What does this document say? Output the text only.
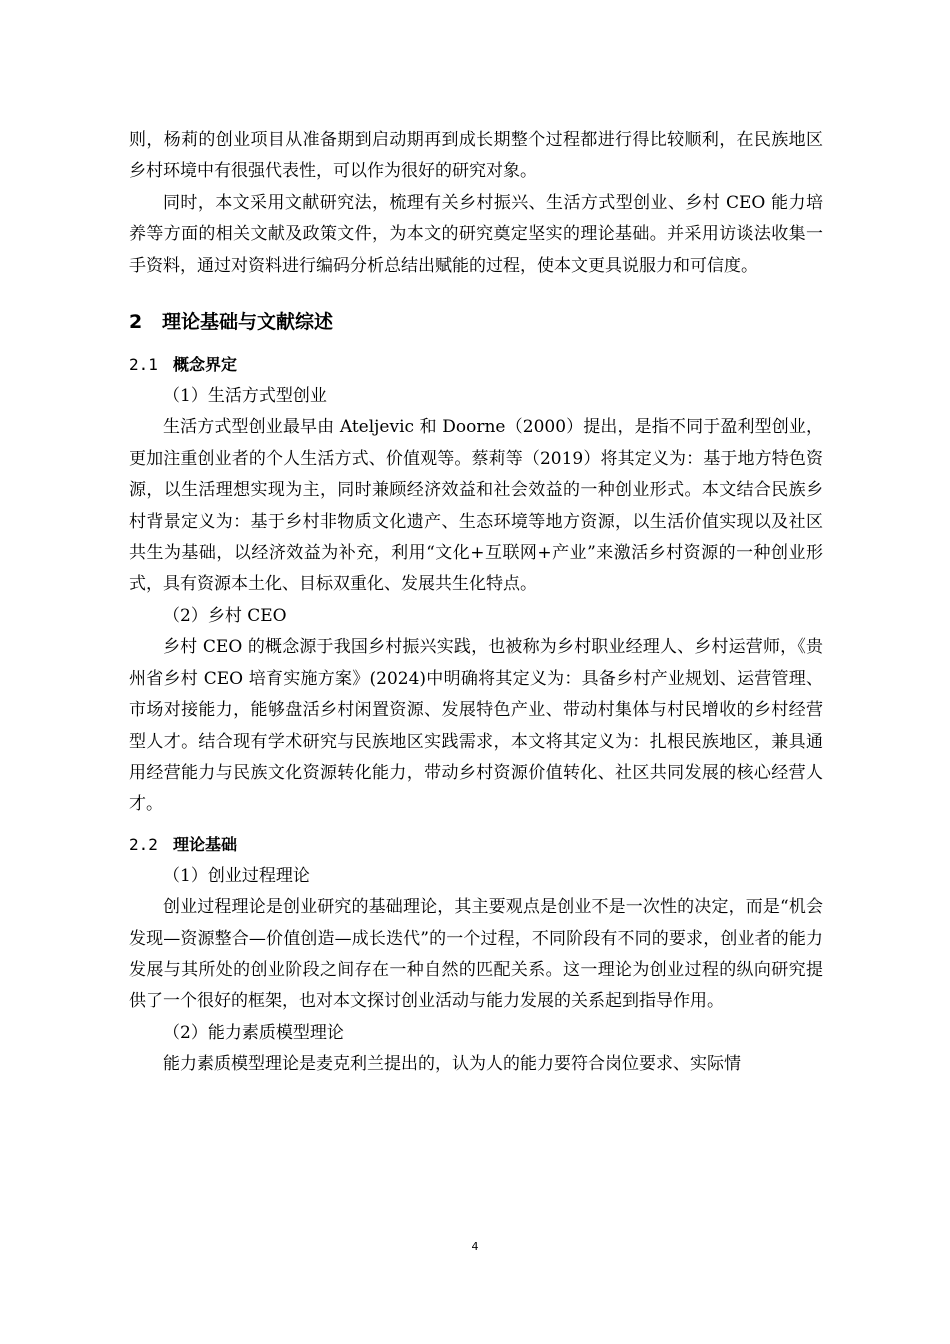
则，杨莉的创业项目从准备期到启动期再到成长期整个过程都进行得比较顺利，在民族地区乡村环境中有很强代表性，可以作为很好的研究对象。

同时，本文采用文献研究法，梳理有关乡村振兴、生活方式型创业、乡村 CEO 能力培养等方面的相关文献及政策文件，为本文的研究奠定坚实的理论基础。并采用访谈法收集一手资料，通过对资料进行编码分析总结出赋能的过程，使本文更具说服力和可信度。

2	理论基础与文献综述
2.1 概念界定

（1）生活方式型创业

生活方式型创业最早由 Ateljevic 和 Doorne（2000）提出，是指不同于盈利型创业，更加注重创业者的个人生活方式、价值观等。蔡莉等（2019）将其定义为：基于地方特色资源，以生活理想实现为主，同时兼顾经济效益和社会效益的一种创业形式。本文结合民族乡村背景定义为：基于乡村非物质文化遗产、生态环境等地方资源，以生活价值实现以及社区共生为基础，以经济效益为补充，利用“文化+互联网+产业”来激活乡村资源的一种创业形式，具有资源本土化、目标双重化、发展共生化特点。

（2）乡村 CEO

乡村 CEO 的概念源于我国乡村振兴实践，也被称为乡村职业经理人、乡村运营师，《贵州省乡村 CEO 培育实施方案》(2024)中明确将其定义为：具备乡村产业规划、运营管理、市场对接能力，能够盘活乡村闲置资源、发展特色产业、带动村集体与村民增收的乡村经营型人才。结合现有学术研究与民族地区实践需求，本文将其定义为：扎根民族地区，兼具通用经营能力与民族文化资源转化能力，带动乡村资源价值转化、社区共同发展的核心经营人才。

2.2 理论基础

（1）创业过程理论

创业过程理论是创业研究的基础理论，其主要观点是创业不是一次性的决定，而是“机会发现—资源整合—价值创造—成长迭代”的一个过程，不同阶段有不同的要求，创业者的能力发展与其所处的创业阶段之间存在一种自然的匹配关系。这一理论为创业过程的纵向研究提供了一个很好的框架，也对本文探讨创业活动与能力发展的关系起到指导作用。

（2）能力素质模型理论

能力素质模型理论是麦克利兰提出的，认为人的能力要符合岗位要求、实际情

4
